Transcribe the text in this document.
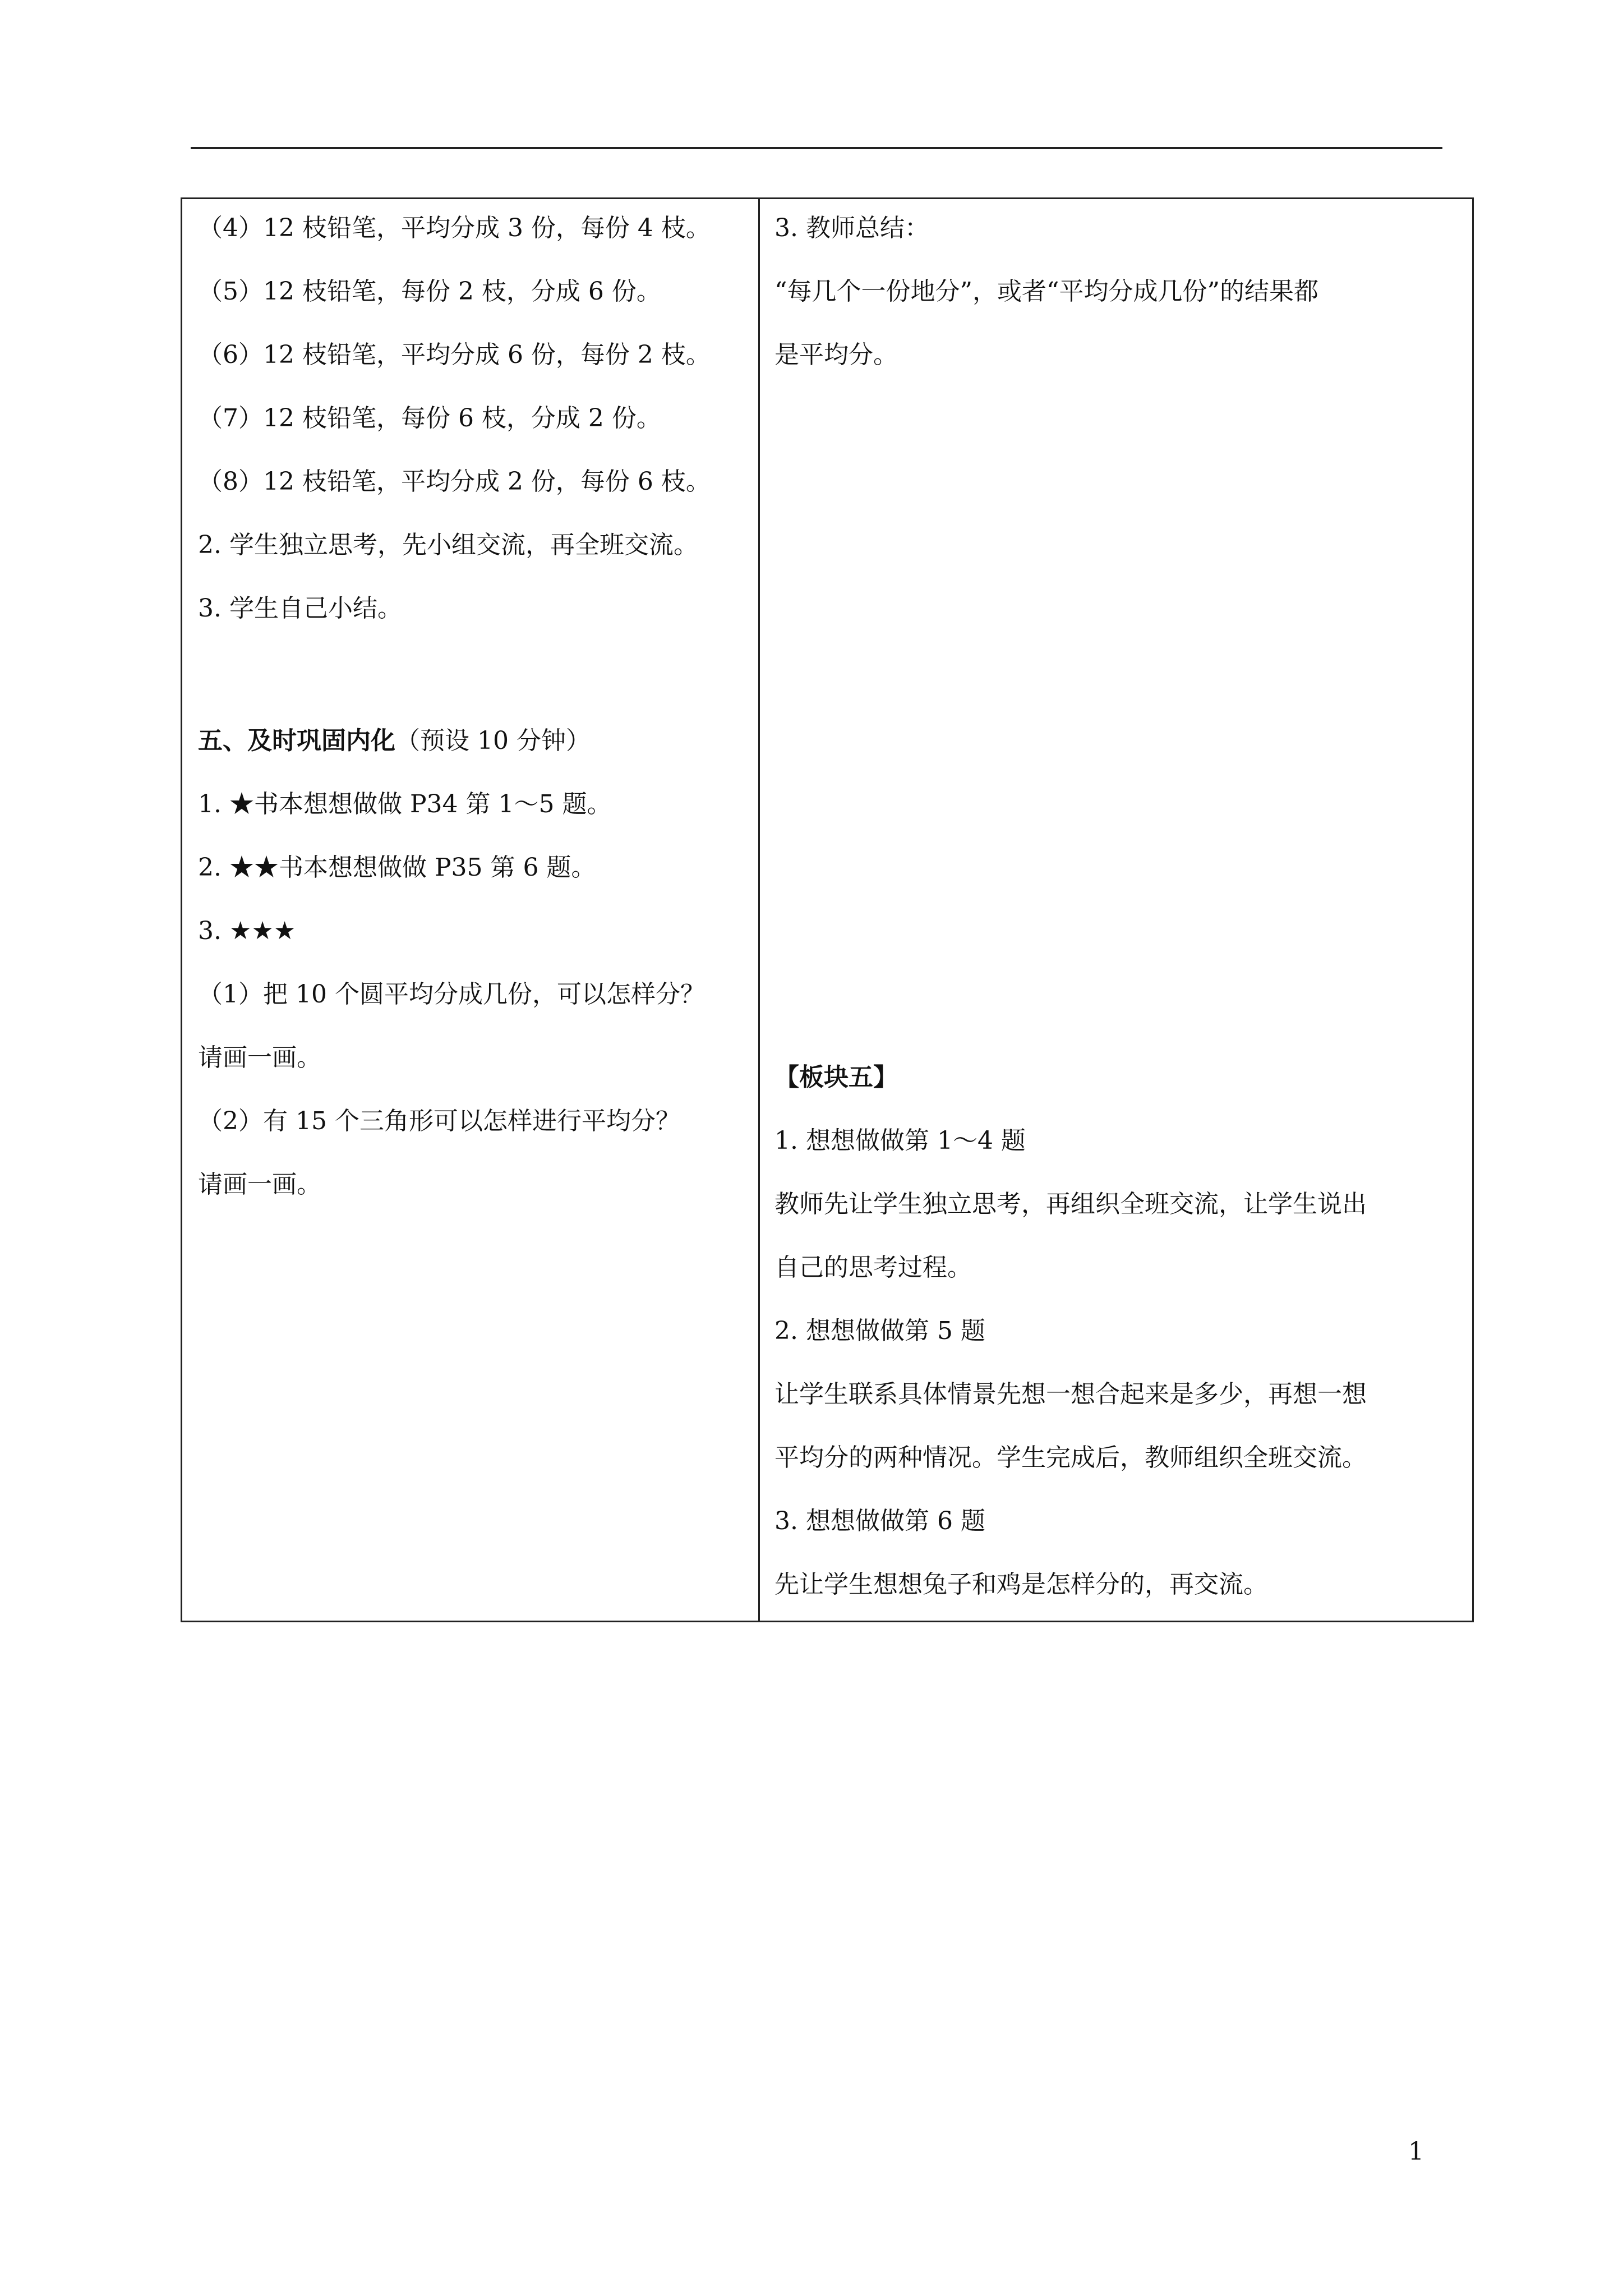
（4）12 枝铅笔，平均分成 3 份，每份 4 枝。
（5）12 枝铅笔，每份 2 枝，分成 6 份。
（6）12 枝铅笔，平均分成 6 份，每份 2 枝。
（7）12 枝铅笔，每份 6 枝，分成 2 份。
（8）12 枝铅笔，平均分成 2 份，每份 6 枝。
2. 学生独立思考，先小组交流，再全班交流。
3. 学生自己小结。
五、及时巩固内化（预设 10 分钟）
1. ★书本想想做做 P34 第 1～5 题。
2. ★★书本想想做做 P35 第 6 题。
3. ★★★
（1）把 10 个圆平均分成几份，可以怎样分？
请画一画。
（2）有 15 个三角形可以怎样进行平均分？
请画一画。
3. 教师总结：
“每几个一份地分”，或者“平均分成几份”的结果都
是平均分。
【板块五】
1. 想想做做第 1～4 题
教师先让学生独立思考，再组织全班交流，让学生说出
自己的思考过程。
2. 想想做做第 5 题
让学生联系具体情景先想一想合起来是多少，再想一想
平均分的两种情况。学生完成后，教师组织全班交流。
3. 想想做做第 6 题
先让学生想想兔子和鸡是怎样分的，再交流。
1
